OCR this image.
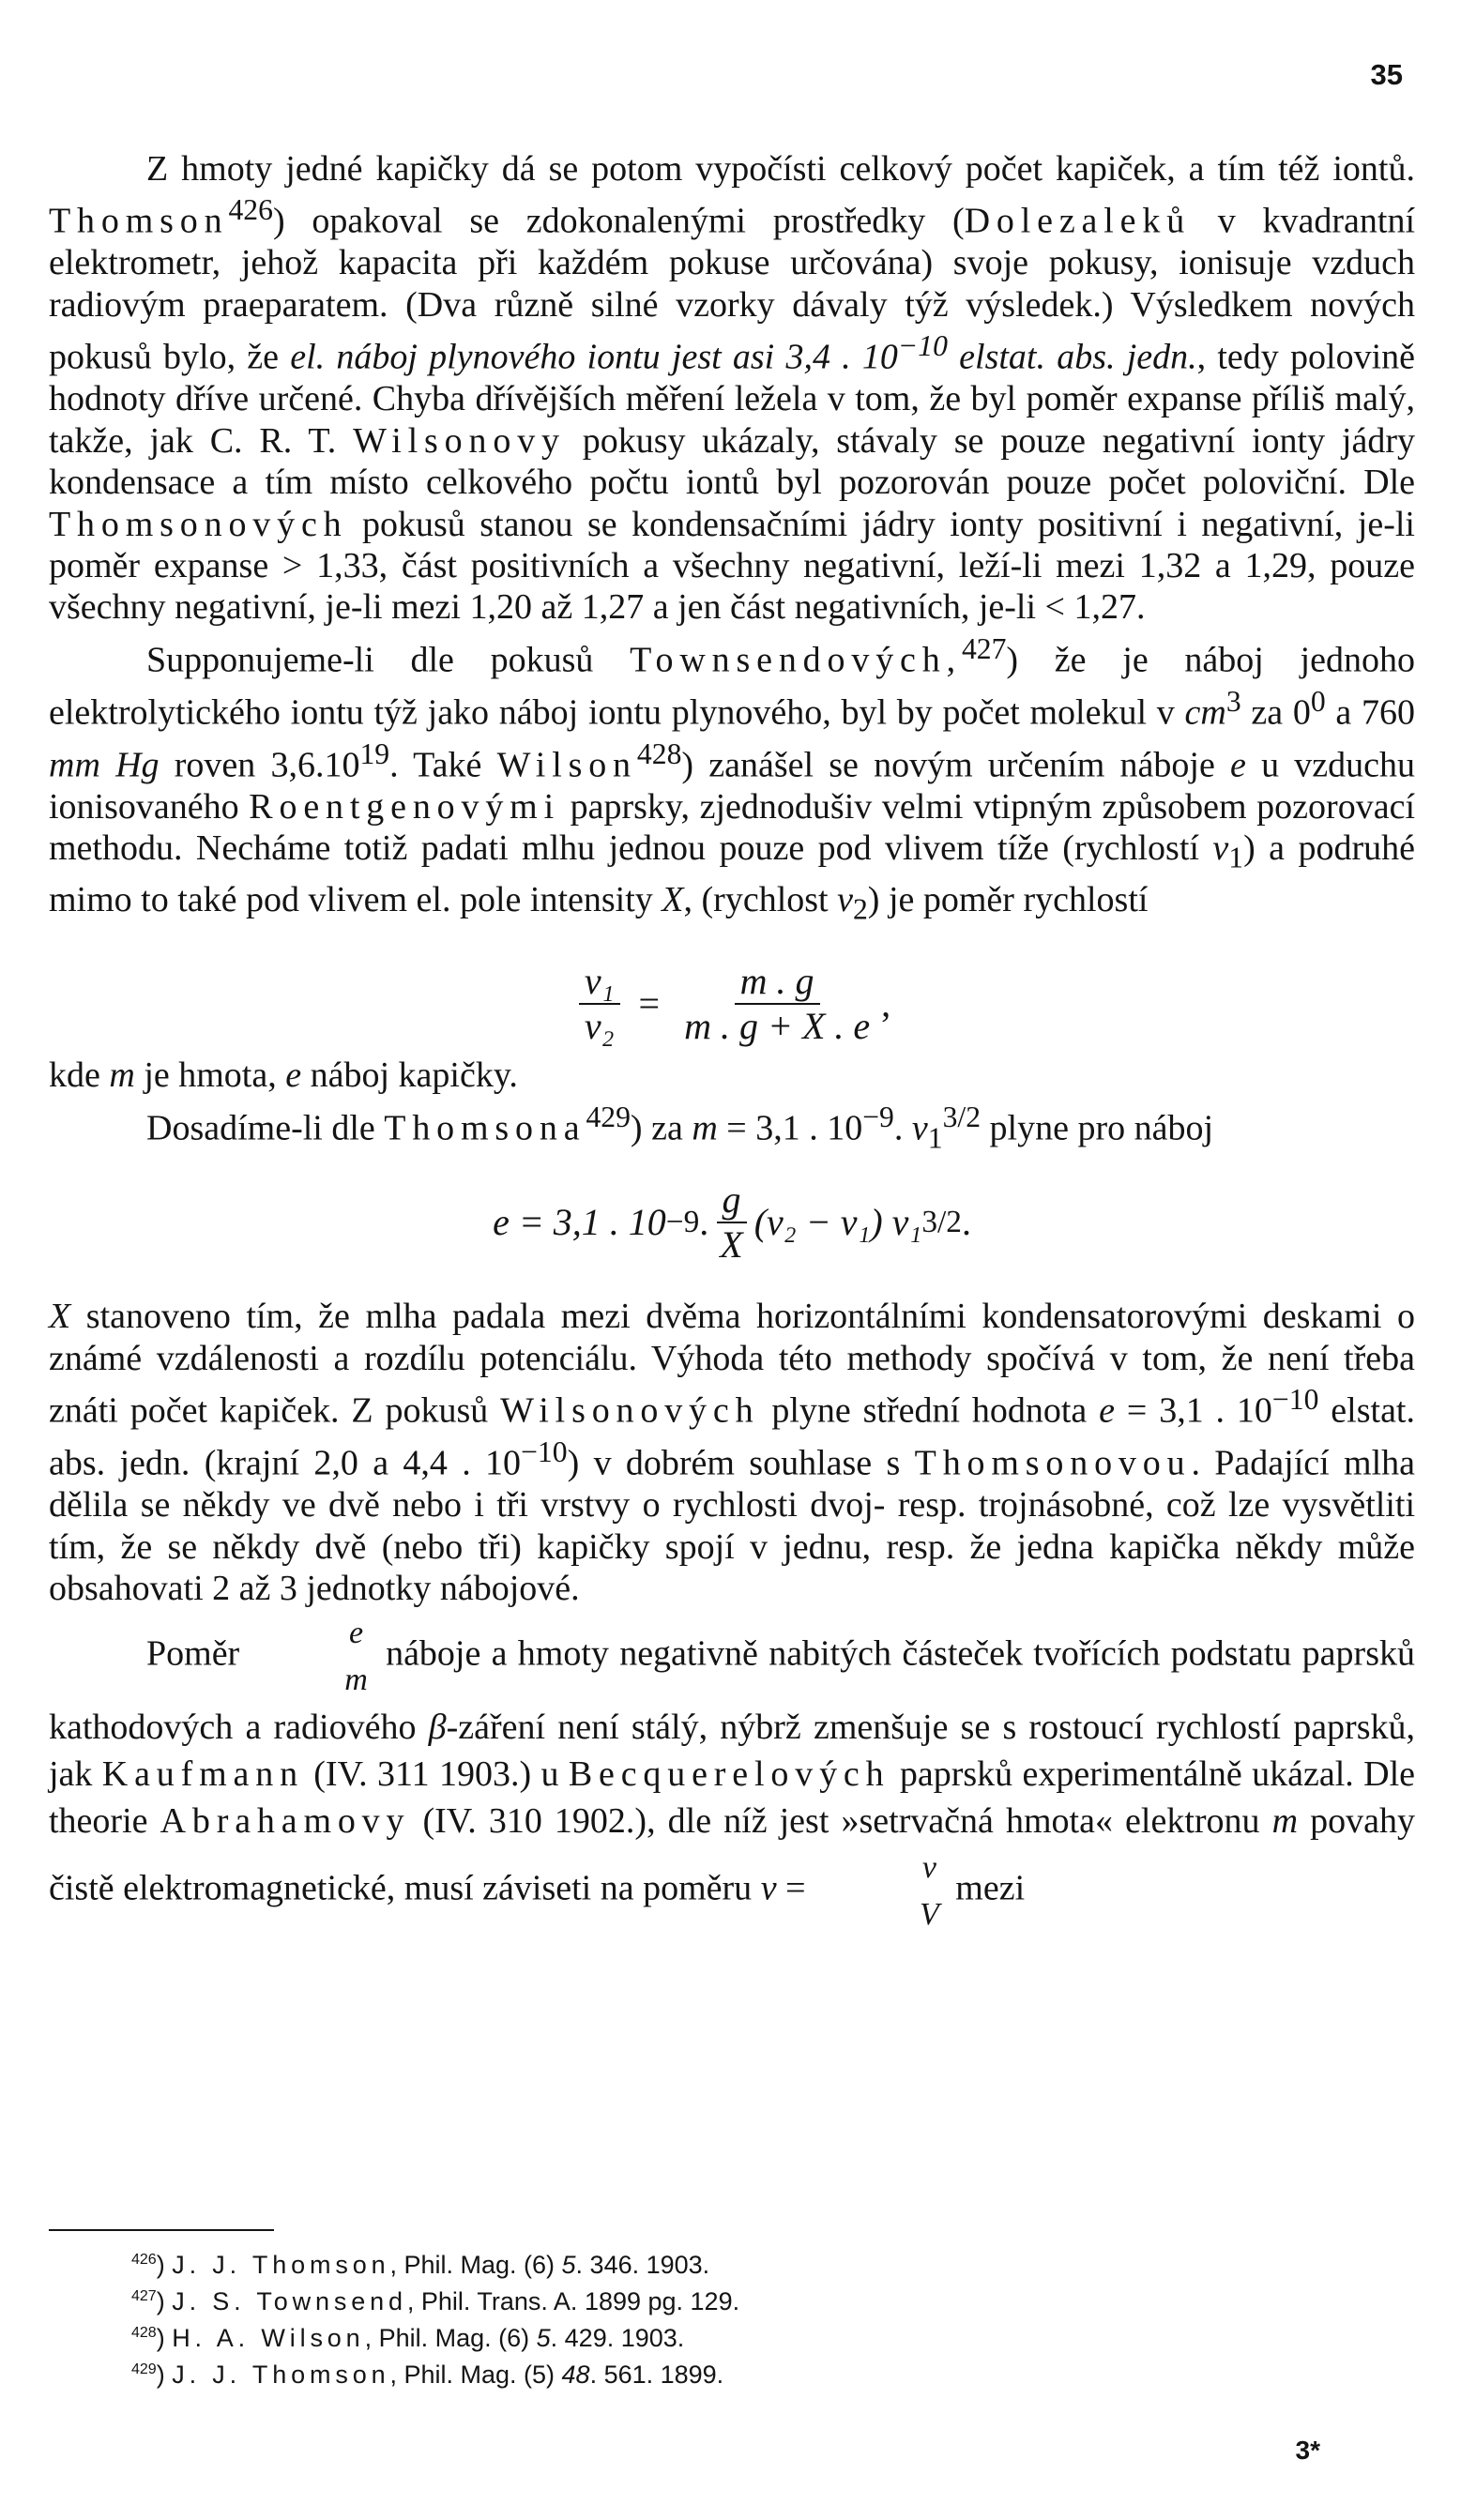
35

Z hmoty jedné kapičky dá se potom vypočísti celkový počet kapiček, a tím též iontů. Thomson$^{426}$) opakoval se zdokonalenými prostředky (Dolezaleků v kvadrantní elektrometr, jehož kapacita při každém pokuse určována) svoje pokusy, ionisuje vzduch radiovým praeparatem. (Dva různě silné vzorky dávaly týž výsledek.) Výsledkem nových pokusů bylo, že el. náboj plynového iontu jest asi 3,4 . $10^{-10}$ elstat. abs. jedn., tedy polovině hodnoty dříve určené. Chyba dřívějších měření ležela v tom, že byl poměr expanse příliš malý, takže, jak C. R. T. Wilsonovy pokusy ukázaly, stávaly se pouze negativní ionty jádry kondensace a tím místo celkového počtu iontů byl pozorován pouze počet poloviční. Dle Thomsonových pokusů stanou se kondensačními jádry ionty positivní i negativní, je-li poměr expanse > 1,33, část positivních a všechny negativní, leží-li mezi 1,32 a 1,29, pouze všechny negativní, je-li mezi 1,20 až 1,27 a jen část negativních, je-li < 1,27.

Supponujeme-li dle pokusů Townsendových,$^{427}$) že je náboj jednoho elektrolytického iontu týž jako náboj iontu plynového, byl by počet molekul v $cm^3$ za $0^0$ a 760 mm Hg roven 3,6.10$^{19}$. Také Wilson$^{428}$) zanášel se novým určením náboje e u vzduchu ionisovaného Roentgenovými paprsky, zjednodušiv velmi vtipným způsobem pozorovací methodu. Necháme totiž padati mlhu jednou pouze pod vlivem tíže (rychlostí $v_1$) a podruhé mimo to také pod vlivem el. pole intensity X, (rychlost $v_2$) je poměr rychlostí

$\frac{\text{v₁}}{\text{v₂}} = \frac{m . g}{m . g + X . e}$ ,

kde m je hmota, e náboj kapičky.

Dosadíme-li dle Thomsona$^{429}$) za m = 3,1 . $10^{-9}$. $v_1^{3/2}$ plyne pro náboj

e = 3,1 . 10 −9 . $\frac{g}{X} (v_2 - v_1)$ v₁ 3/2 .

X stanoveno tím, že mlha padala mezi dvěma horizontálními kondensatorovými deskami o známé vzdálenosti a rozdílu potenciálu. Výhoda této methody spočívá v tom, že není třeba znáti počet kapiček. Z pokusů Wilsonových plyne střední hodnota e = 3,1 . $10^{-10}$ elstat. abs. jedn. (krajní 2,0 a 4,4 . $10^{-10}$) v dobrém souhlase s Thomsonovou. Padající mlha dělila se někdy ve dvě nebo i tři vrstvy o rychlosti dvoj- resp. trojnásobné, což lze vysvětliti tím, že se někdy dvě (nebo tři) kapičky spojí v jednu, resp. že jedna kapička někdy může obsahovati 2 až 3 jednotky nábojové.

Poměr
e
m
náboje a hmoty negativně nabitých částeček tvořících podstatu paprsků kathodových a radiového β-záření není stálý, nýbrž zmenšuje se s rostoucí rychlostí paprsků, jak Kaufmann (IV. 311 1903.) u Becquerelových paprsků experimentálně ukázal. Dle theorie Abrahamovy (IV. 310 1902.), dle níž jest »setrvačná hmota« elektronu m povahy čistě elektromagnetické, musí záviseti na poměru ν =
v
V
mezi

$^{426}$) J. J. Thomson, Phil. Mag. (6) 5. 346. 1903.
$^{427}$) J. S. Townsend, Phil. Trans. A. 1899 pg. 129.
$^{428}$) H. A. Wilson, Phil. Mag. (6) 5. 429. 1903.
$^{429}$) J. J. Thomson, Phil. Mag. (5) 48. 561. 1899.
3*
